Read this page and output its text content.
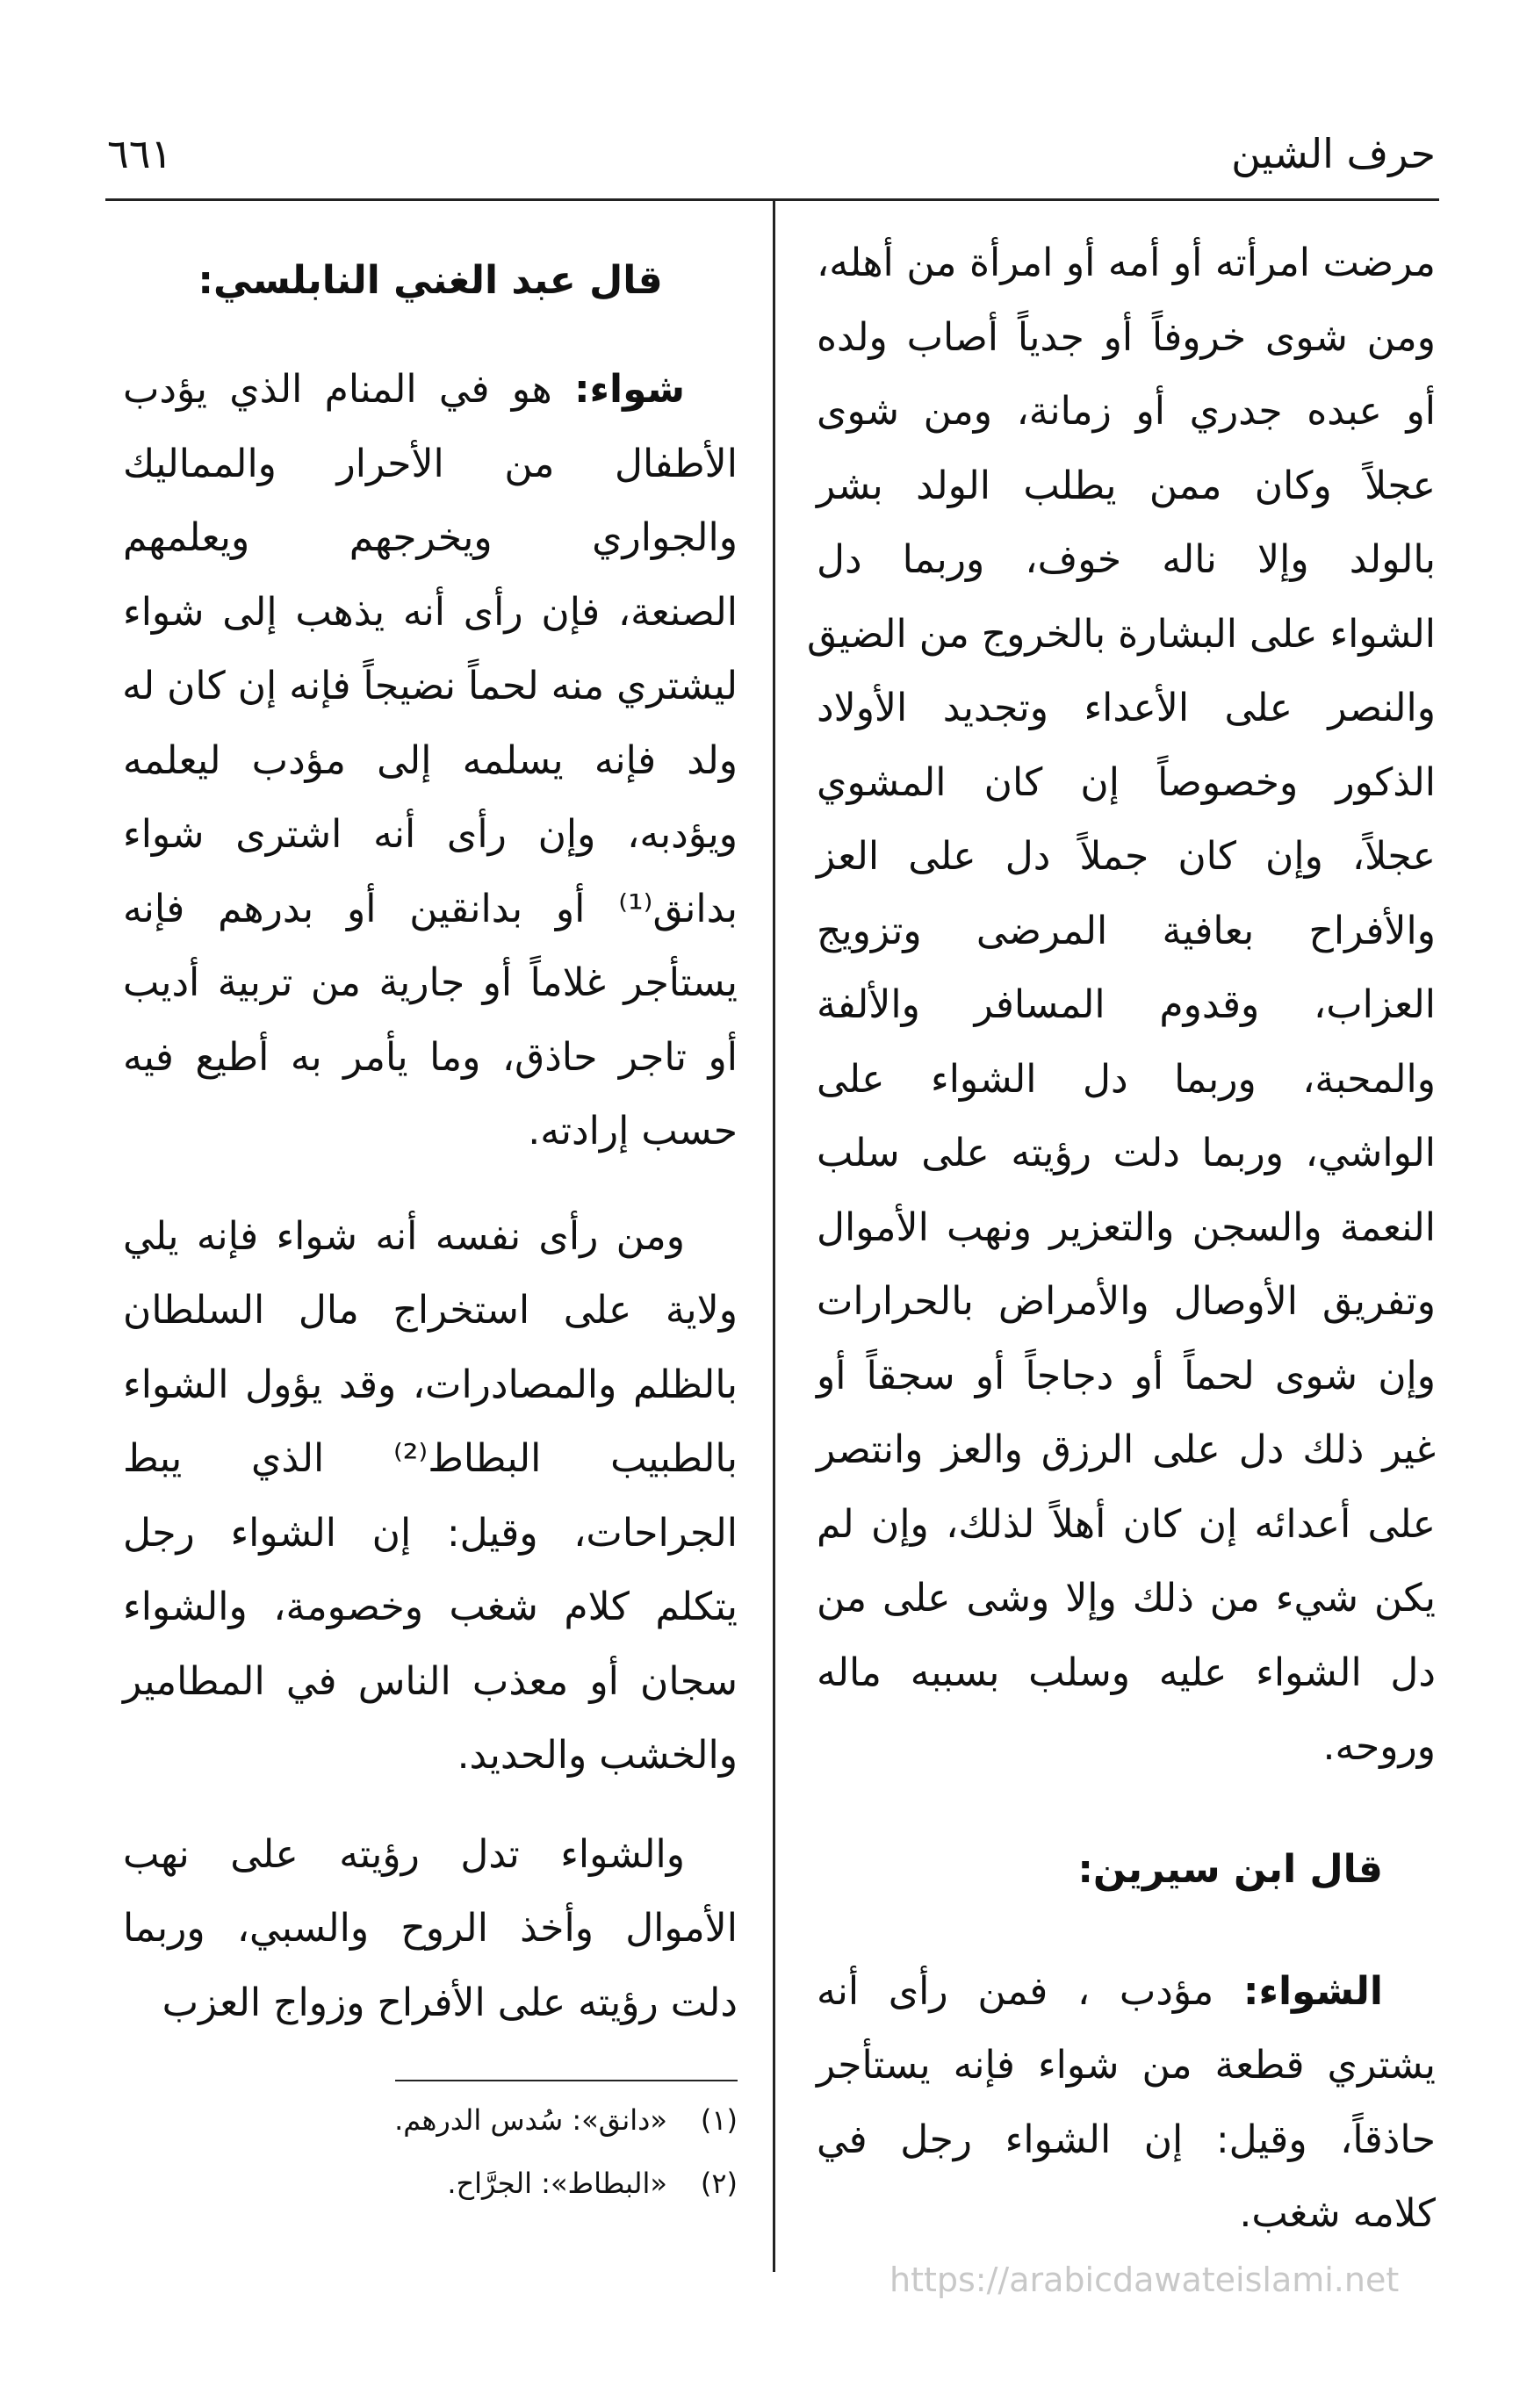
حرف الشين
٦٦١
مرضت امرأته أو أمه أو امرأة من أهله،
ومن شوى خروفاً أو جدياً أصاب ولده
أو عبده جدري أو زمانة، ومن شوى
عجلاً وكان ممن يطلب الولد بشر
بالولد وإلا ناله خوف، وربما دل
الشواء على البشارة بالخروج من الضيق
والنصر على الأعداء وتجديد الأولاد
الذكور وخصوصاً إن كان المشوي
عجلاً، وإن كان جملاً دل على العز
والأفراح بعافية المرضى وتزويج
العزاب، وقدوم المسافر والألفة
والمحبة، وربما دل الشواء على
الواشي، وربما دلت رؤيته على سلب
النعمة والسجن والتعزير ونهب الأموال
وتفريق الأوصال والأمراض بالحرارات
وإن شوى لحماً أو دجاجاً أو سجقاً أو
غير ذلك دل على الرزق والعز وانتصر
على أعدائه إن كان أهلاً لذلك، وإن لم
يكن شيء من ذلك وإلا وشى على من
دل الشواء عليه وسلب بسببه ماله
وروحه.
قال ابن سيرين:
الشواء: مؤدب ، فمن رأى أنه
يشتري قطعة من شواء فإنه يستأجر
حاذقاً، وقيل: إن الشواء رجل في
كلامه شغب.
قال عبد الغني النابلسي:
شواء: هو في المنام الذي يؤدب
الأطفال من الأحرار والمماليك
والجواري ويخرجهم ويعلمهم
الصنعة، فإن رأى أنه يذهب إلى شواء
ليشتري منه لحماً نضيجاً فإنه إن كان له
ولد فإنه يسلمه إلى مؤدب ليعلمه
ويؤدبه، وإن رأى أنه اشترى شواء
بدانق⁽¹⁾ أو بدانقين أو بدرهم فإنه
يستأجر غلاماً أو جارية من تربية أديب
أو تاجر حاذق، وما يأمر به أطيع فيه
حسب إرادته.
ومن رأى نفسه أنه شواء فإنه يلي
ولاية على استخراج مال السلطان
بالظلم والمصادرات، وقد يؤول الشواء
بالطبيب البطاط⁽²⁾ الذي يبط
الجراحات، وقيل: إن الشواء رجل
يتكلم كلام شغب وخصومة، والشواء
سجان أو معذب الناس في المطامير
والخشب والحديد.
والشواء تدل رؤيته على نهب
الأموال وأخذ الروح والسبي، وربما
دلت رؤيته على الأفراح وزواج العزب
(١)«دانق»: سُدس الدرهم.
(٢)«البطاط»: الجرَّاح.
https://arabicdawateislami.net
